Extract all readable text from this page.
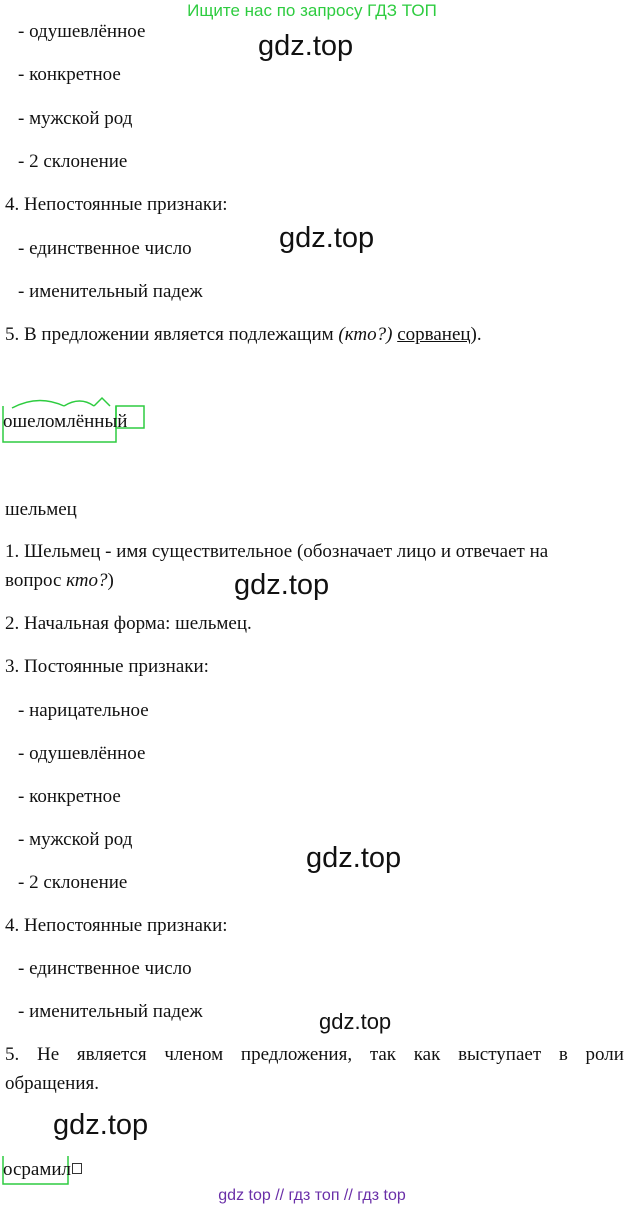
Ищите нас по запросу ГДЗ ТОП
- одушевлённое
- конкретное
- мужской род
- 2 склонение
4. Непостоянные признаки:
- единственное число
- именительный падеж
5. В предложении является подлежащим (кто?) сорванец).
ошеломлённый
шельмец
1. Шельмец - имя существительное (обозначает лицо и отвечает на
вопрос кто?)
2. Начальная форма: шельмец.
3. Постоянные признаки:
- нарицательное
- одушевлённое
- конкретное
- мужской род
- 2 склонение
4. Непостоянные признаки:
- единственное число
- именительный падеж
5. Не является членом предложения, так как выступает в роли
обращения.
осрамил
gdz.top
gdz.top
gdz.top
gdz.top
gdz.top
gdz.top
gdz top // гдз топ // гдз top
